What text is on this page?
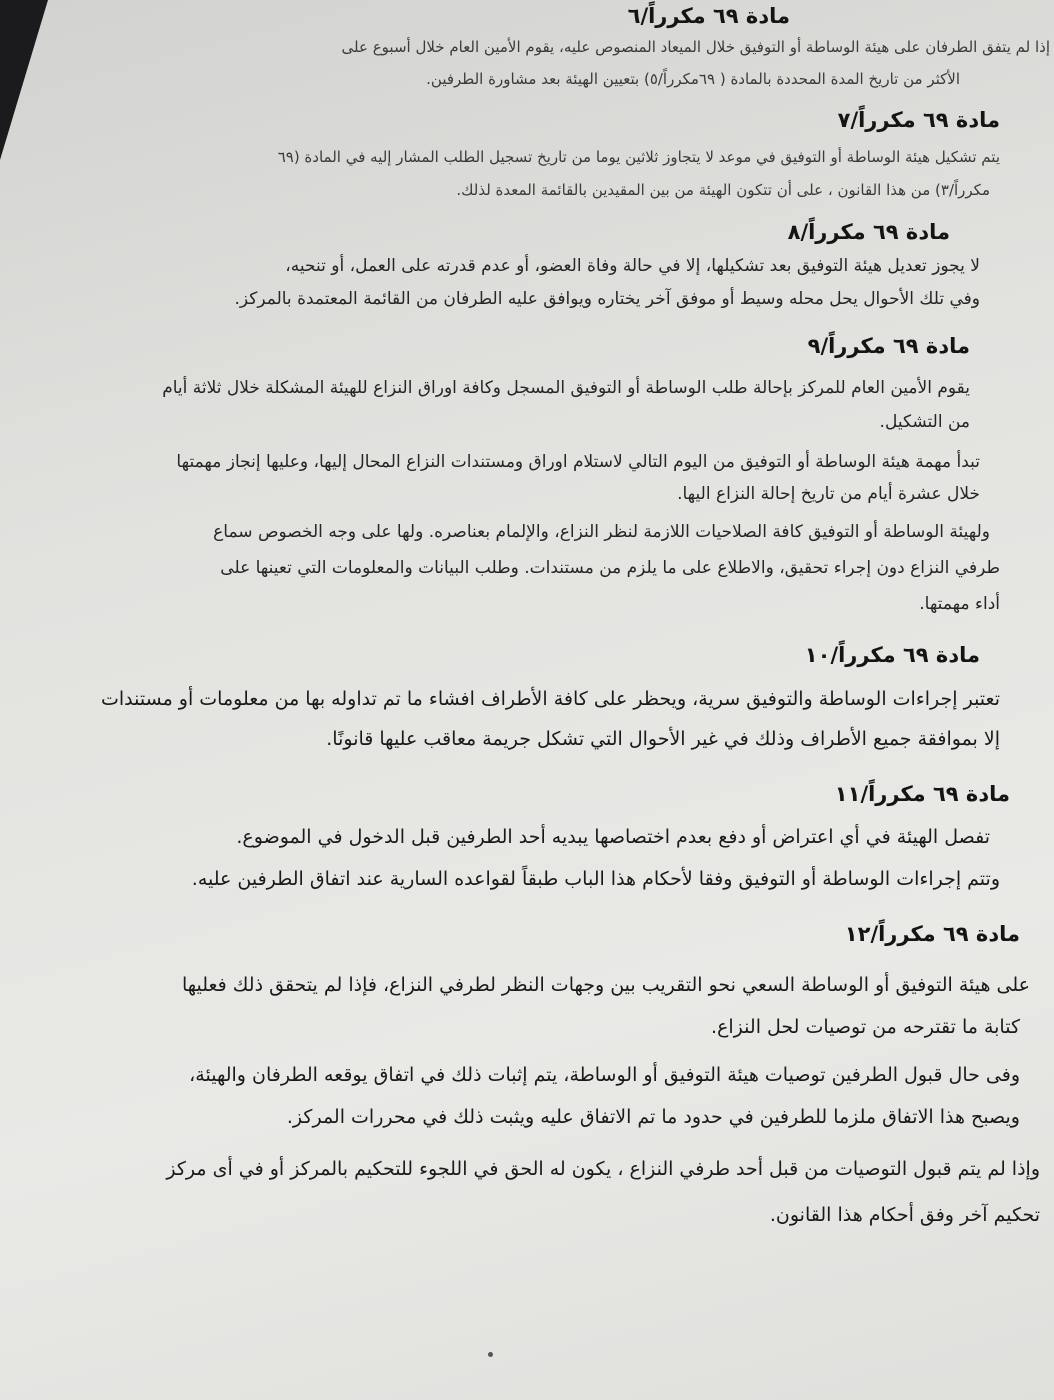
مادة ٦٩ مكرراً/٦
إذا لم يتفق الطرفان على هيئة الوساطة أو التوفيق خلال الميعاد المنصوص عليه، يقوم الأمين العام خلال أسبوع على
الأكثر من تاريخ المدة المحددة بالمادة ( ٦٩مكرراً/٥) بتعيين الهيئة بعد مشاورة الطرفين.
مادة ٦٩ مكرراً/٧
يتم تشكيل هيئة الوساطة أو التوفيق في موعد لا يتجاوز ثلاثين يوما من تاريخ تسجيل الطلب المشار إليه في المادة (٦٩
مكرراً/٣) من هذا القانون ، على أن تتكون الهيئة من بين المقيدين بالقائمة المعدة لذلك.
مادة ٦٩ مكرراً/٨
لا يجوز تعديل هيئة التوفيق بعد تشكيلها، إلا في حالة وفاة العضو، أو عدم قدرته على العمل، أو تنحيه،
وفي تلك الأحوال يحل محله وسيط أو موفق آخر يختاره ويوافق عليه الطرفان من القائمة المعتمدة بالمركز.
مادة ٦٩ مكرراً/٩
يقوم الأمين العام للمركز بإحالة طلب الوساطة أو التوفيق المسجل وكافة اوراق النزاع للهيئة المشكلة خلال ثلاثة أيام
من التشكيل.
تبدأ مهمة هيئة الوساطة أو التوفيق من اليوم التالي لاستلام اوراق ومستندات النزاع المحال إليها، وعليها إنجاز مهمتها
خلال عشرة أيام من تاريخ إحالة النزاع اليها.
ولهيئة الوساطة أو التوفيق كافة الصلاحيات اللازمة لنظر النزاع، والإلمام بعناصره. ولها على وجه الخصوص سماع
طرفي النزاع دون إجراء تحقيق، والاطلاع على ما يلزم من مستندات. وطلب البيانات والمعلومات التي تعينها على
أداء مهمتها.
مادة ٦٩ مكرراً/١٠
تعتبر إجراءات الوساطة والتوفيق سرية، ويحظر على كافة الأطراف افشاء ما تم تداوله بها من معلومات أو مستندات
إلا بموافقة جميع الأطراف وذلك في غير الأحوال التي تشكل جريمة معاقب عليها قانونًا.
مادة ٦٩ مكرراً/١١
تفصل الهيئة في أي اعتراض أو دفع بعدم اختصاصها يبديه أحد الطرفين قبل الدخول في الموضوع.
وتتم إجراءات الوساطة أو التوفيق وفقا لأحكام هذا الباب طبقاً لقواعده السارية عند اتفاق الطرفين عليه.
مادة ٦٩ مكرراً/١٢
على هيئة التوفيق أو الوساطة السعي نحو التقريب بين وجهات النظر لطرفي النزاع، فإذا لم يتحقق ذلك فعليها
كتابة ما تقترحه من توصيات لحل النزاع.
وفى حال قبول الطرفين توصيات هيئة التوفيق أو الوساطة، يتم إثبات ذلك في اتفاق يوقعه الطرفان والهيئة،
ويصبح هذا الاتفاق ملزما للطرفين في حدود ما تم الاتفاق عليه ويثبت ذلك في محررات المركز.
وإذا لم يتم قبول التوصيات من قبل أحد طرفي النزاع ، يكون له الحق في اللجوء للتحكيم بالمركز أو في أى مركز
تحكيم آخر وفق أحكام هذا القانون.
